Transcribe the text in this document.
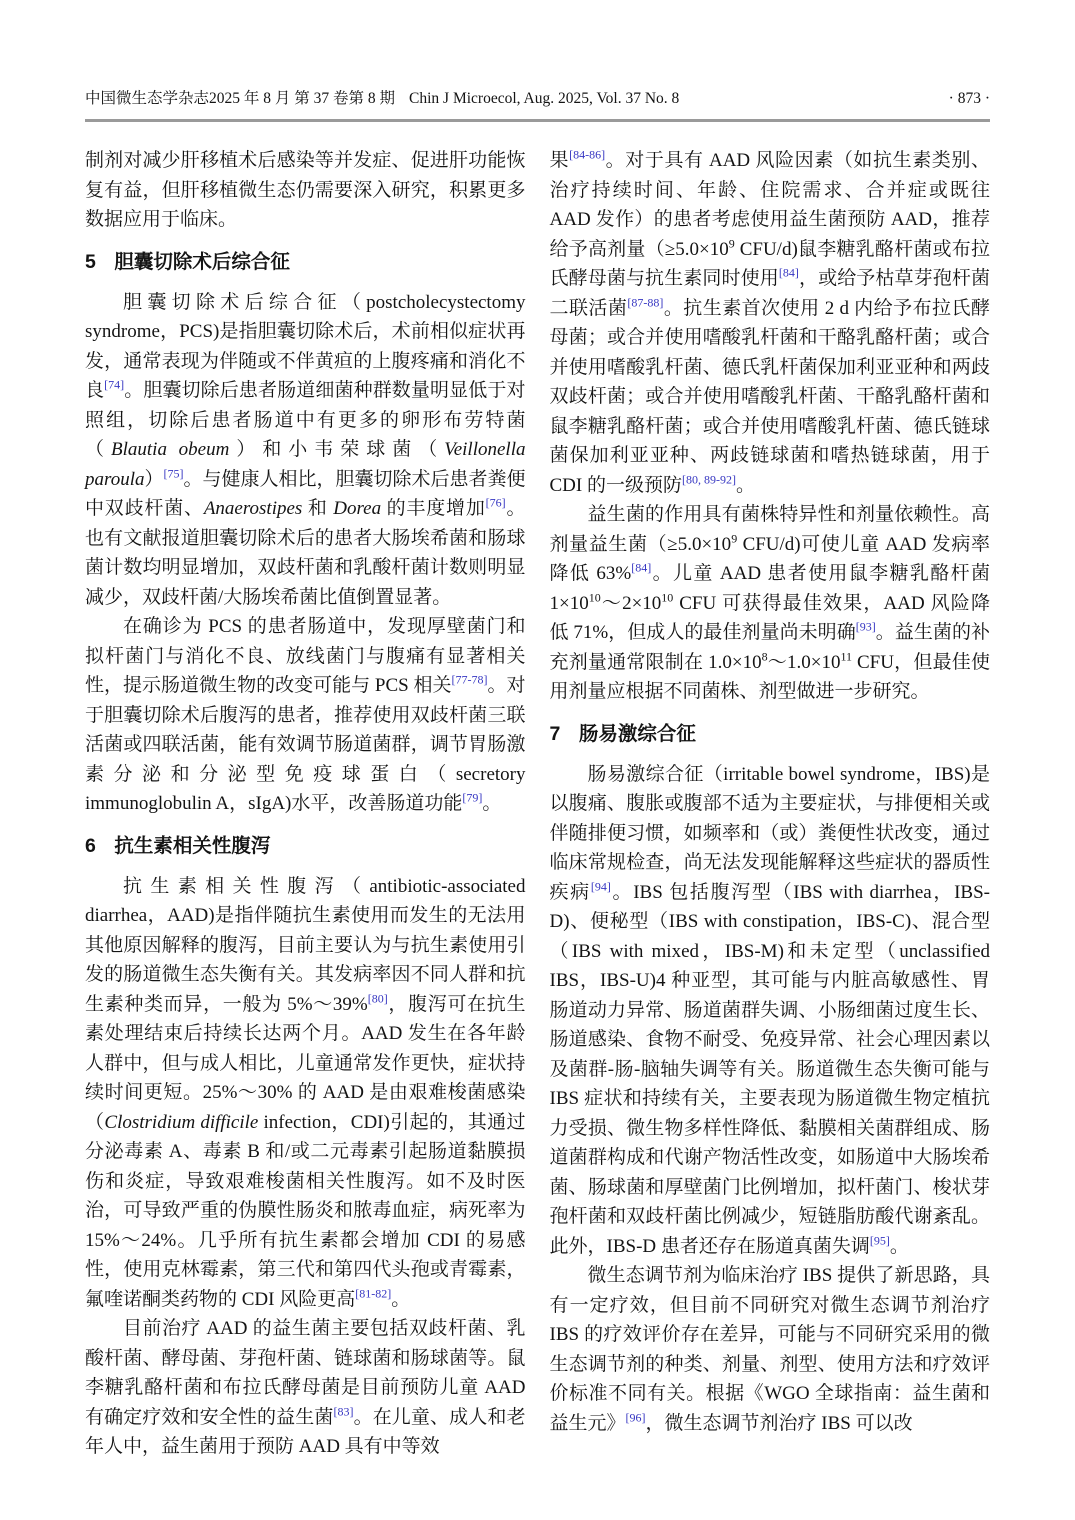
中国微生态学杂志2025 年 8 月 第 37 卷第 8 期 Chin J Microecol, Aug. 2025, Vol. 37 No. 8	· 873 ·

制剂对减少肝移植术后感染等并发症、促进肝功能恢复有益，但肝移植微生态仍需要深入研究，积累更多数据应用于临床。

5 胆囊切除术后综合征

胆囊切除术后综合征（postcholecystectomy syndrome，PCS)是指胆囊切除术后，术前相似症状再发，通常表现为伴随或不伴黄疸的上腹疼痛和消化不良[74]。胆囊切除后患者肠道细菌种群数量明显低于对照组，切除后患者肠道中有更多的卵形布劳特菌（Blautia obeum）和小韦荣球菌（Veillonella paroula）[75]。与健康人相比，胆囊切除术后患者粪便中双歧杆菌、Anaerostipes 和 Dorea 的丰度增加[76]。也有文献报道胆囊切除术后的患者大肠埃希菌和肠球菌计数均明显增加，双歧杆菌和乳酸杆菌计数则明显减少，双歧杆菌/大肠埃希菌比值倒置显著。

在确诊为 PCS 的患者肠道中，发现厚壁菌门和拟杆菌门与消化不良、放线菌门与腹痛有显著相关性，提示肠道微生物的改变可能与 PCS 相关[77-78]。对于胆囊切除术后腹泻的患者，推荐使用双歧杆菌三联活菌或四联活菌，能有效调节肠道菌群，调节胃肠激素分泌和分泌型免疫球蛋白（secretory immunoglobulin A，sIgA)水平，改善肠道功能[79]。

6 抗生素相关性腹泻

抗生素相关性腹泻（antibiotic-associated diarrhea，AAD)是指伴随抗生素使用而发生的无法用其他原因解释的腹泻，目前主要认为与抗生素使用引发的肠道微生态失衡有关。其发病率因不同人群和抗生素种类而异，一般为 5%～39%[80]，腹泻可在抗生素处理结束后持续长达两个月。AAD 发生在各年龄人群中，但与成人相比，儿童通常发作更快，症状持续时间更短。25%～30% 的 AAD 是由艰难梭菌感染（Clostridium difficile infection，CDI)引起的，其通过分泌毒素 A、毒素 B 和/或二元毒素引起肠道黏膜损伤和炎症，导致艰难梭菌相关性腹泻。如不及时医治，可导致严重的伪膜性肠炎和脓毒血症，病死率为 15%～24%。几乎所有抗生素都会增加 CDI 的易感性，使用克林霉素，第三代和第四代头孢或青霉素，氟喹诺酮类药物的 CDI 风险更高[81-82]。

目前治疗 AAD 的益生菌主要包括双歧杆菌、乳酸杆菌、酵母菌、芽孢杆菌、链球菌和肠球菌等。鼠李糖乳酪杆菌和布拉氏酵母菌是目前预防儿童 AAD 有确定疗效和安全性的益生菌[83]。在儿童、成人和老年人中，益生菌用于预防 AAD 具有中等效

果[84-86]。对于具有 AAD 风险因素（如抗生素类别、治疗持续时间、年龄、住院需求、合并症或既往 AAD 发作）的患者考虑使用益生菌预防 AAD，推荐给予高剂量（$\ge 5.0\times 10^9$ CFU/d)鼠李糖乳酪杆菌或布拉氏酵母菌与抗生素同时使用[84]，或给予枯草芽孢杆菌二联活菌[87-88]。抗生素首次使用 2 d 内给予布拉氏酵母菌；或合并使用嗜酸乳杆菌和干酪乳酪杆菌；或合并使用嗜酸乳杆菌、德氏乳杆菌保加利亚亚种和两歧双歧杆菌；或合并使用嗜酸乳杆菌、干酪乳酪杆菌和鼠李糖乳酪杆菌；或合并使用嗜酸乳杆菌、德氏链球菌保加利亚亚种、两歧链球菌和嗜热链球菌，用于 CDI 的一级预防[80, 89-92]。

益生菌的作用具有菌株特异性和剂量依赖性。高剂量益生菌（$\ge 5.0\times 10^9$ CFU/d)可使儿童 AAD 发病率降低 63%[84]。儿童 AAD 患者使用鼠李糖乳酪杆菌 $1\times 10^{10}\sim 2\times 10^{10}$ CFU 可获得最佳效果，AAD 风险降低 71%，但成人的最佳剂量尚未明确[93]。益生菌的补充剂量通常限制在 $1.0\times 10^8\sim 1.0\times 10^{11}$ CFU，但最佳使用剂量应根据不同菌株、剂型做进一步研究。

7 肠易激综合征

肠易激综合征（irritable bowel syndrome，IBS)是以腹痛、腹胀或腹部不适为主要症状，与排便相关或伴随排便习惯，如频率和（或）粪便性状改变，通过临床常规检查，尚无法发现能解释这些症状的器质性疾病[94]。IBS 包括腹泻型（IBS with diarrhea，IBS-D)、便秘型（IBS with constipation，IBS-C)、混合型（IBS with mixed，IBS-M)和未定型（unclassified IBS，IBS-U)4 种亚型，其可能与内脏高敏感性、胃肠道动力异常、肠道菌群失调、小肠细菌过度生长、肠道感染、食物不耐受、免疫异常、社会心理因素以及菌群-肠-脑轴失调等有关。肠道微生态失衡可能与 IBS 症状和持续有关，主要表现为肠道微生物定植抗力受损、微生物多样性降低、黏膜相关菌群组成、肠道菌群构成和代谢产物活性改变，如肠道中大肠埃希菌、肠球菌和厚壁菌门比例增加，拟杆菌门、梭状芽孢杆菌和双歧杆菌比例减少，短链脂肪酸代谢紊乱。此外，IBS-D 患者还存在肠道真菌失调[95]。

微生态调节剂为临床治疗 IBS 提供了新思路，具有一定疗效，但目前不同研究对微生态调节剂治疗 IBS 的疗效评价存在差异，可能与不同研究采用的微生态调节剂的种类、剂量、剂型、使用方法和疗效评价标准不同有关。根据《WGO 全球指南：益生菌和益生元》[96]，微生态调节剂治疗 IBS 可以改
